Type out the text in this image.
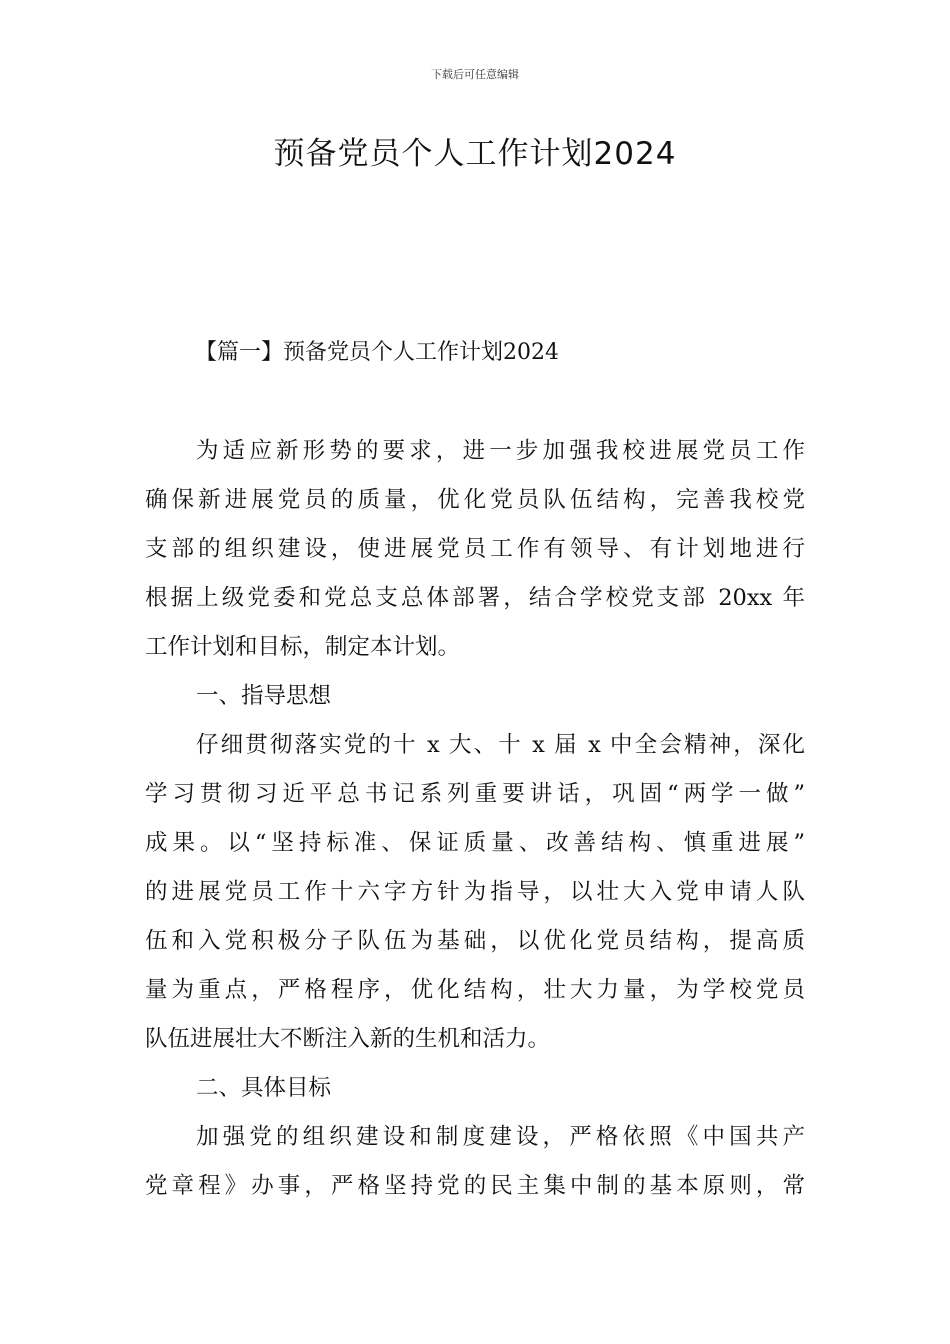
下载后可任意编辑
预备党员个人工作计划2024
【篇一】预备党员个人工作计划2024
为适应新形势的要求，进一步加强我校进展党员工作
确保新进展党员的质量，优化党员队伍结构，完善我校党
支部的组织建设，使进展党员工作有领导、有计划地进行
根据上级党委和党总支总体部署，结合学校党支部 20xx 年
工作计划和目标，制定本计划。
一、指导思想
仔细贯彻落实党的十 x 大、十 x 届 x 中全会精神，深化
学习贯彻习近平总书记系列重要讲话，巩固“两学一做”
成果。以“坚持标准、保证质量、改善结构、慎重进展”
的进展党员工作十六字方针为指导，以壮大入党申请人队
伍和入党积极分子队伍为基础，以优化党员结构，提高质
量为重点，严格程序，优化结构，壮大力量，为学校党员
队伍进展壮大不断注入新的生机和活力。
二、具体目标
加强党的组织建设和制度建设，严格依照《中国共产
党章程》办事，严格坚持党的民主集中制的基本原则，常
